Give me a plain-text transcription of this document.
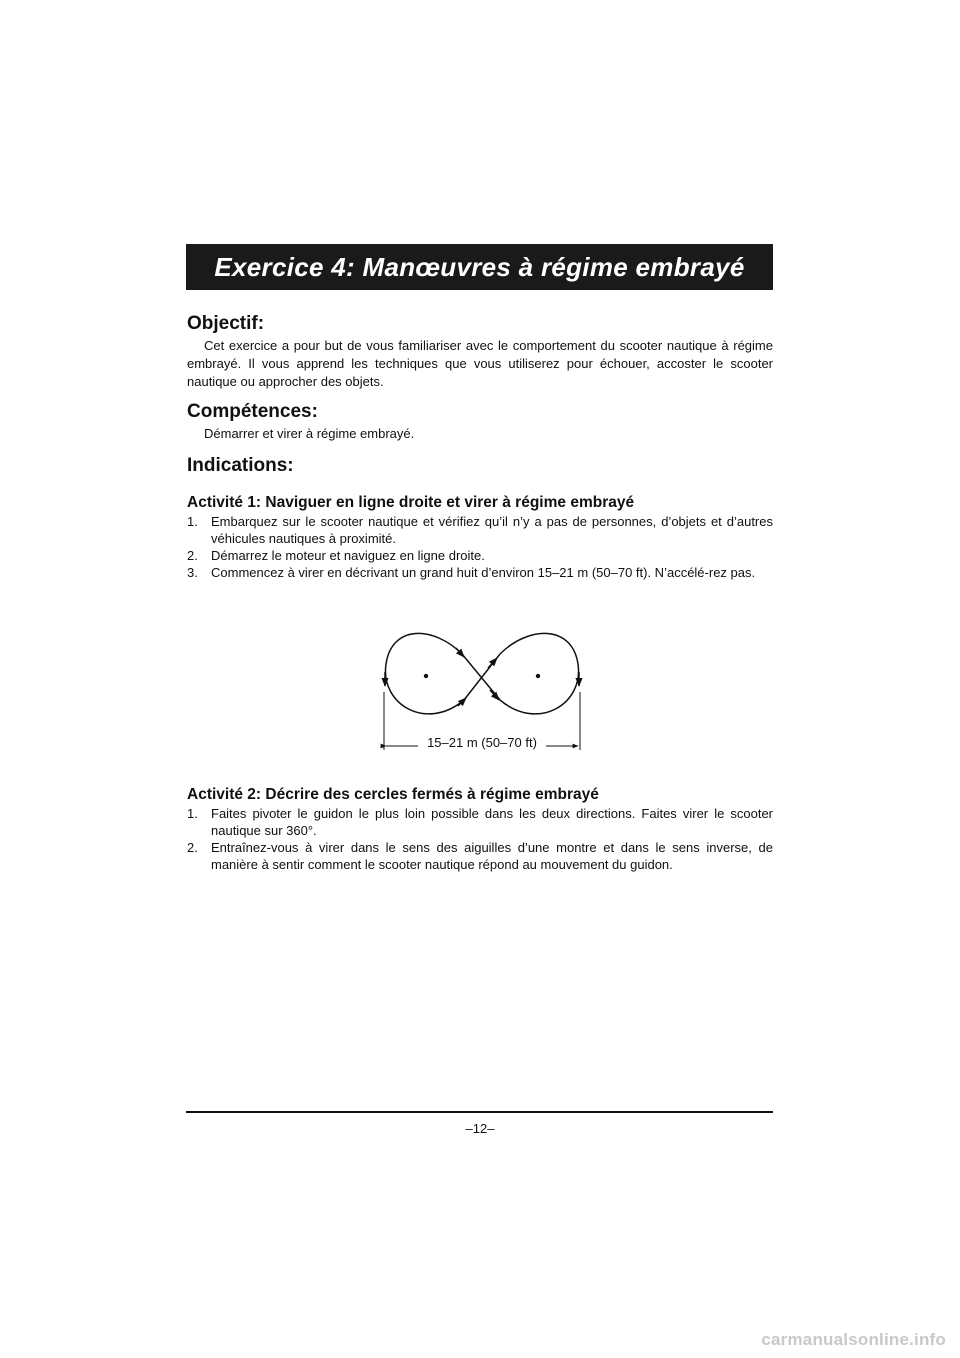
Exercice 4: Manœuvres à régime embrayé
Objectif:

Cet exercice a pour but de vous familiariser avec le comportement du scooter nautique à régime embrayé. Il vous apprend les techniques que vous utiliserez pour échouer, accoster le scooter nautique ou approcher des objets.

Compétences:

Démarrer et virer à régime embrayé.

Indications:
Activité 1: Naviguer en ligne droite et virer à régime embrayé
1. Embarquez sur le scooter nautique et vérifiez qu’il n’y a pas de personnes, d’objets et d’autres véhicules nautiques à proximité.
2. Démarrez le moteur et naviguez en ligne droite.
3. Commencez à virer en décrivant un grand huit d’environ 15–21 m (50–70 ft). N’accélé-rez pas.
15–21 m (50–70 ft)
Activité 2: Décrire des cercles fermés à régime embrayé
1. Faites pivoter le guidon le plus loin possible dans les deux directions. Faites virer le scooter nautique sur 360°.
2. Entraînez-vous à virer dans le sens des aiguilles d’une montre et dans le sens inverse, de manière à sentir comment le scooter nautique répond au mouvement du guidon.
–12–
carmanualsonline.info
